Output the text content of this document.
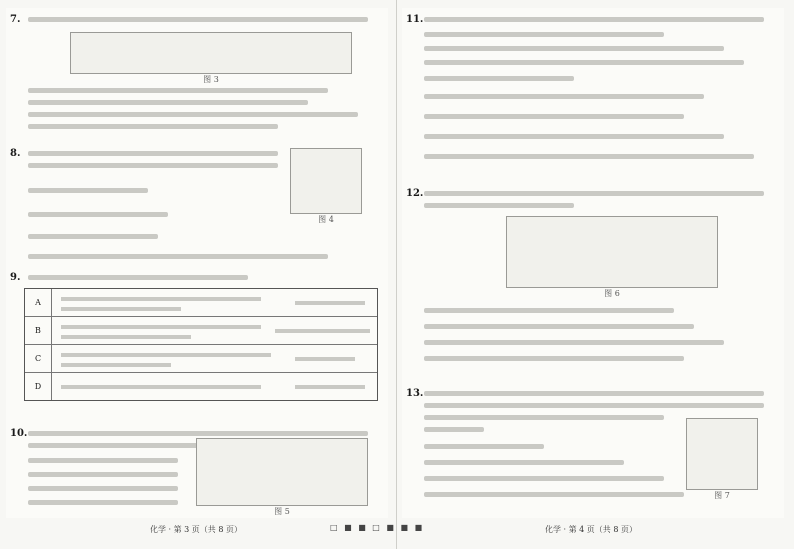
7.
图 3
8.
图 4
9.
A
B
C
D
10.
图 5
11.
12.
图 6
13.
图 7
化学 · 第 3 页（共 8 页）	□ ■ ■ □ ■ ■ ■	化学 · 第 4 页（共 8 页）
